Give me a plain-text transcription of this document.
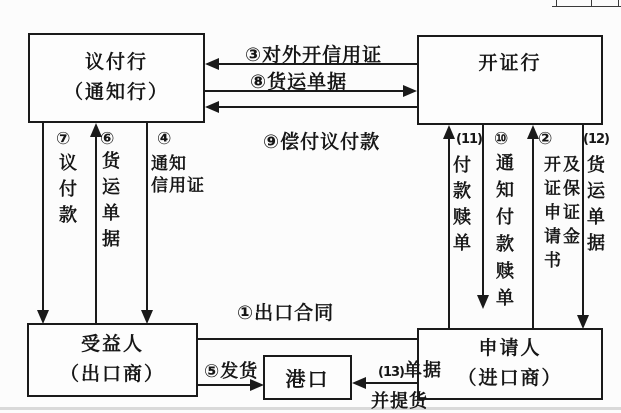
议付行
（通知行）
开证行
受益人
（出口商）
申请人
（进口商）
港口
③对外开信用证
⑧货运单据
⑨偿付议付款
⑦
议付款
⑥
货运单据
④
通知
信用证
(11)
付款赎单
⑩
通知付款赎单
②
开证申请书 及保证金
(12)
货运单据
①出口合同
⑤发货	(13)单据
并提货
